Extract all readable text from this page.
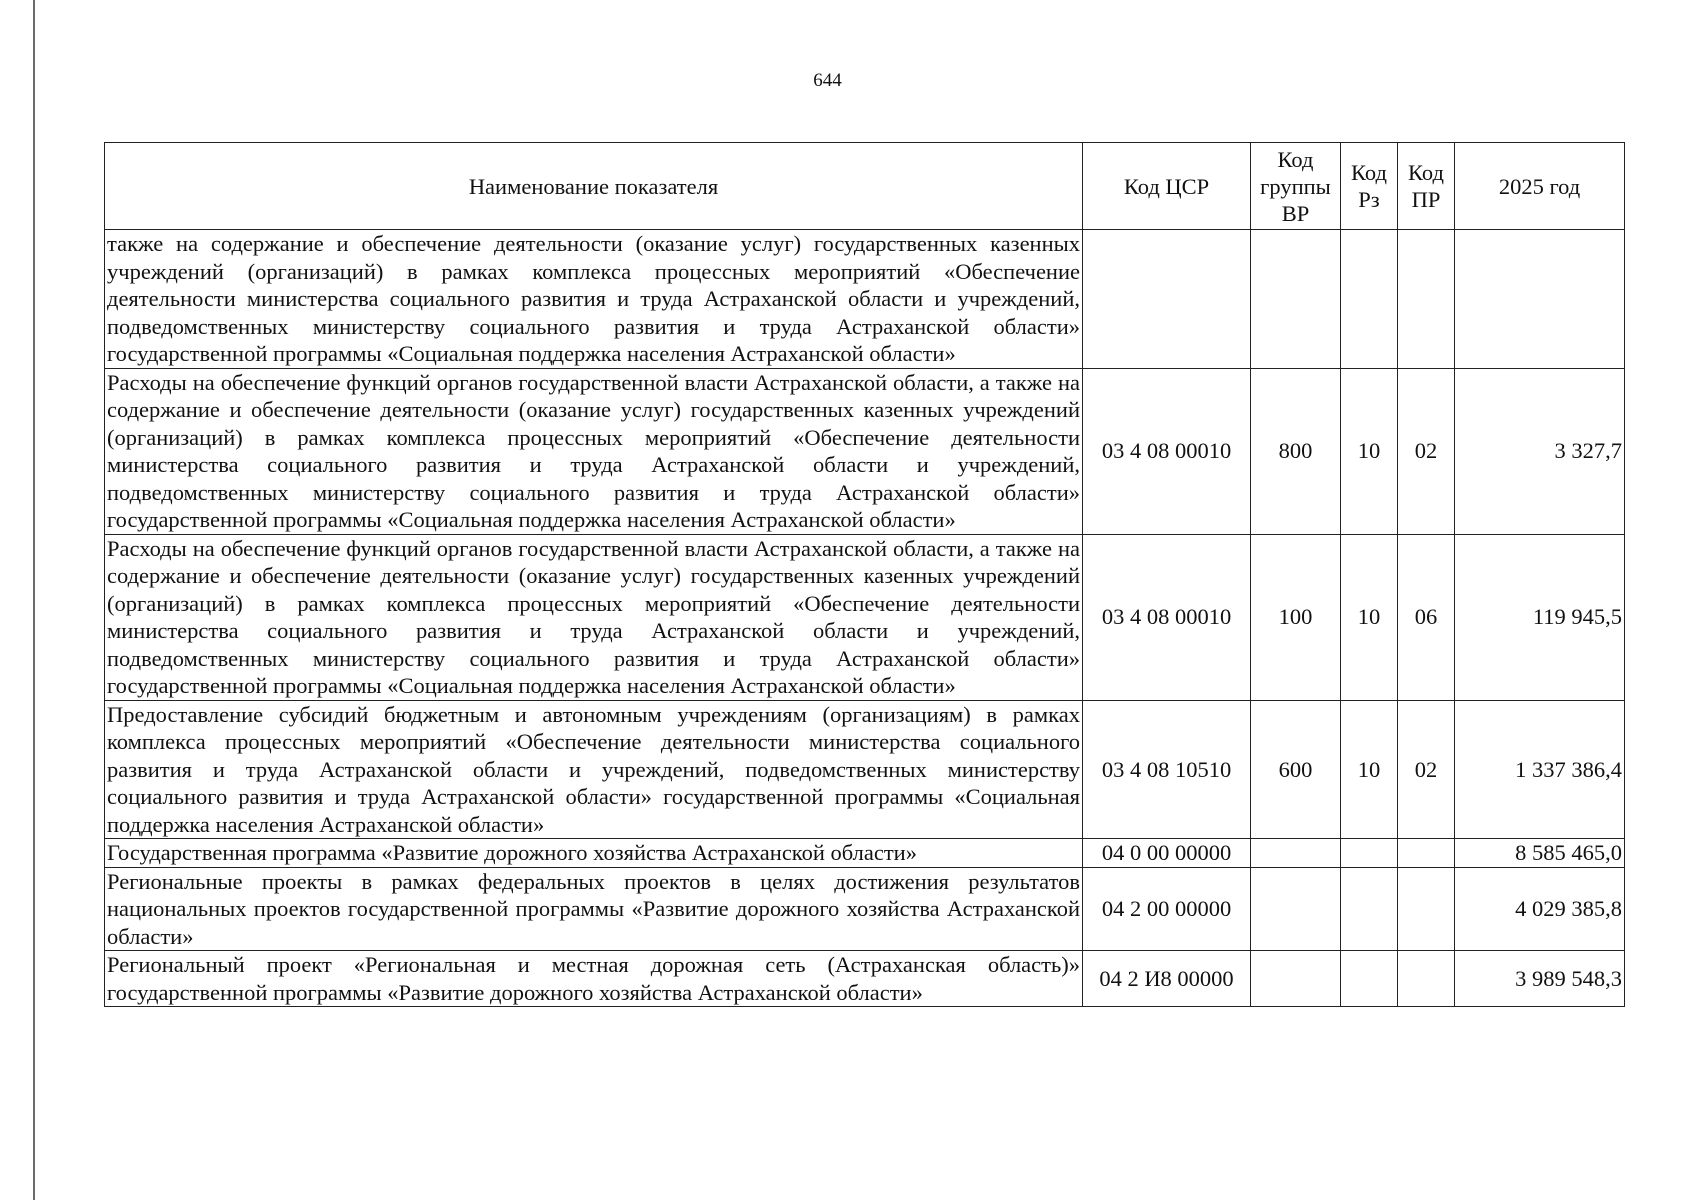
644
Наименование показателя	Код ЦСР	Код группы ВР	Код Рз	Код ПР	2025 год
также на содержание и обеспечение деятельности (оказание услуг) государственных казенных учреждений (организаций) в рамках комплекса процессных мероприятий «Обеспечение деятельности министерства социального развития и труда Астраханской области и учреждений, подведомственных министерству социального развития и труда Астраханской области» государственной программы «Социальная поддержка населения Астраханской области»					
Расходы на обеспечение функций органов государственной власти Астраханской области, а также на содержание и обеспечение деятельности (оказание услуг) государственных казенных учреждений (организаций) в рамках комплекса процессных мероприятий «Обеспечение деятельности министерства социального развития и труда Астраханской области и учреждений, подведомственных министерству социального развития и труда Астраханской области» государственной программы «Социальная поддержка населения Астраханской области»	03 4 08 00010	800	10	02	3 327,7
Расходы на обеспечение функций органов государственной власти Астраханской области, а также на содержание и обеспечение деятельности (оказание услуг) государственных казенных учреждений (организаций) в рамках комплекса процессных мероприятий «Обеспечение деятельности министерства социального развития и труда Астраханской области и учреждений, подведомственных министерству социального развития и труда Астраханской области» государственной программы «Социальная поддержка населения Астраханской области»	03 4 08 00010	100	10	06	119 945,5
Предоставление субсидий бюджетным и автономным учреждениям (организациям) в рамках комплекса процессных мероприятий «Обеспечение деятельности министерства социального развития и труда Астраханской области и учреждений, подведомственных министерству социального развития и труда Астраханской области» государственной программы «Социальная поддержка населения Астраханской области»	03 4 08 10510	600	10	02	1 337 386,4
Государственная программа «Развитие дорожного хозяйства Астраханской области»	04 0 00 00000				8 585 465,0
Региональные проекты в рамках федеральных проектов в целях достижения результатов национальных проектов государственной программы «Развитие дорожного хозяйства Астраханской области»	04 2 00 00000				4 029 385,8
Региональный проект «Региональная и местная дорожная сеть (Астраханская область)» государственной программы «Развитие дорожного хозяйства Астраханской области»	04 2 И8 00000				3 989 548,3
